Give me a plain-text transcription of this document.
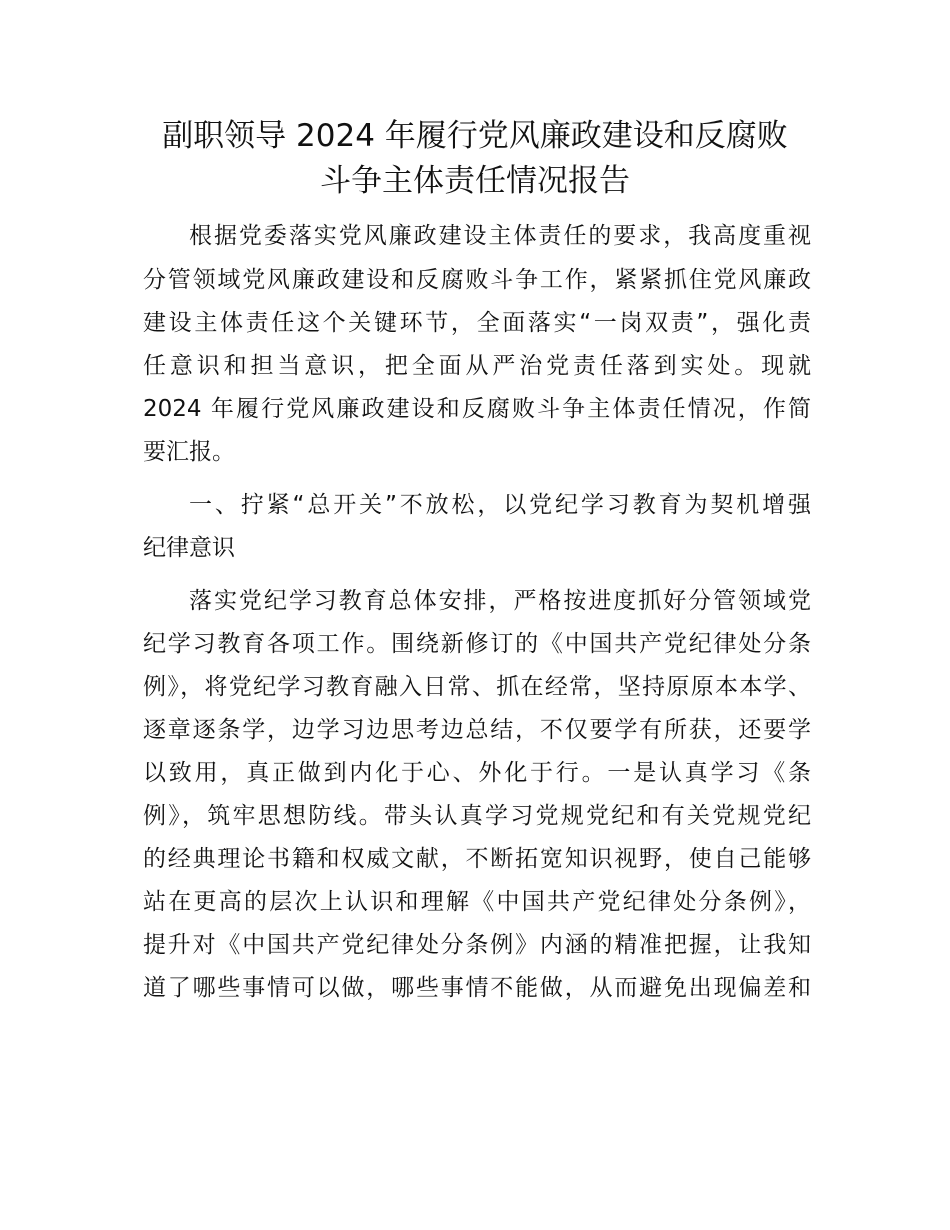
副职领导 2024 年履行党风廉政建设和反腐败
斗争主体责任情况报告
根据党委落实党风廉政建设主体责任的要求，我高度重视
分管领域党风廉政建设和反腐败斗争工作，紧紧抓住党风廉政
建设主体责任这个关键环节，全面落实“一岗双责”，强化责
任意识和担当意识，把全面从严治党责任落到实处。现就
2024 年履行党风廉政建设和反腐败斗争主体责任情况，作简
要汇报。
一、拧紧“总开关”不放松，以党纪学习教育为契机增强
纪律意识
落实党纪学习教育总体安排，严格按进度抓好分管领域党
纪学习教育各项工作。围绕新修订的《中国共产党纪律处分条
例》，将党纪学习教育融入日常、抓在经常，坚持原原本本学、
逐章逐条学，边学习边思考边总结，不仅要学有所获，还要学
以致用，真正做到内化于心、外化于行。一是认真学习《条
例》，筑牢思想防线。带头认真学习党规党纪和有关党规党纪
的经典理论书籍和权威文献，不断拓宽知识视野，使自己能够
站在更高的层次上认识和理解《中国共产党纪律处分条例》，
提升对《中国共产党纪律处分条例》内涵的精准把握，让我知
道了哪些事情可以做，哪些事情不能做，从而避免出现偏差和
